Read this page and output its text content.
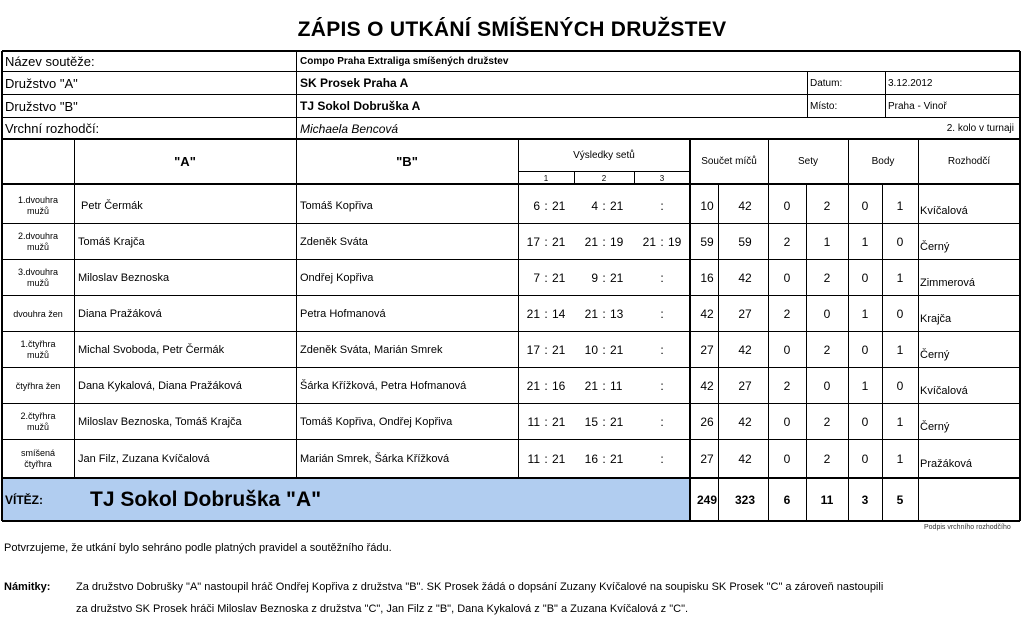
ZÁPIS O UTKÁNÍ SMÍŠENÝCH DRUŽSTEV
Název soutěže:	Compo Praha Extraliga smíšených družstev
Družstvo "A"	SK Prosek Praha A
Družstvo "B"	TJ Sokol Dobruška A
Vrchní rozhodčí:	Michaela Bencová
Datum:	3.12.2012
Místo:	Praha - Vinoř
2. kolo v turnaji
"A"	"B"	Výsledky setů
1	2	3
Součet míčů	Sety	Body	Rozhodčí
1.dvouhra
mužů	Petr Čermák	Tomáš Kopřiva	6 : 21	4 : 21	:	10	42	0	2	0	1	Kvíčalová
2.dvouhra
mužů	Tomáš Krajča	Zdeněk Sváta	17 : 21	21 : 19	21 : 19	59	59	2	1	1	0	Černý
3.dvouhra
mužů	Miloslav Beznoska	Ondřej Kopřiva	7 : 21	9 : 21	:	16	42	0	2	0	1	Zimmerová
dvouhra žen	Diana Pražáková	Petra Hofmanová	21 : 14	21 : 13	:	42	27	2	0	1	0	Krajča
1.čtyřhra
mužů	Michal Svoboda, Petr Čermák	Zdeněk Sváta, Marián Smrek	17 : 21	10 : 21	:	27	42	0	2	0	1	Černý
čtyřhra žen	Dana Kykalová, Diana Pražáková	Šárka Křížková, Petra Hofmanová	21 : 16	21 : 11	:	42	27	2	0	1	0	Kvíčalová
2.čtyřhra
mužů	Miloslav Beznoska, Tomáš Krajča	Tomáš Kopřiva, Ondřej Kopřiva	11 : 21	15 : 21	:	26	42	0	2	0	1	Černý
smíšená
čtyřhra	Jan Filz, Zuzana Kvíčalová	Marián Smrek, Šárka Křížková	11 : 21	16 : 21	:	27	42	0	2	0	1	Pražáková
VÍTĚZ:	TJ Sokol Dobruška "A"	249	323	6	11	3	5
Podpis vrchního rozhodčího
Potvrzujeme, že utkání bylo sehráno podle platných pravidel a soutěžního řádu.
Námitky: Za družstvo Dobrušky "A" nastoupil hráč Ondřej Kopřiva z družstva "B". SK Prosek žádá o dopsání Zuzany Kvíčalové na soupisku SK Prosek "C" a zároveň nastoupili
za družstvo SK Prosek hráči Miloslav Beznoska z družstva "C", Jan Filz z "B", Dana Kykalová z "B" a Zuzana Kvíčalová z "C".
